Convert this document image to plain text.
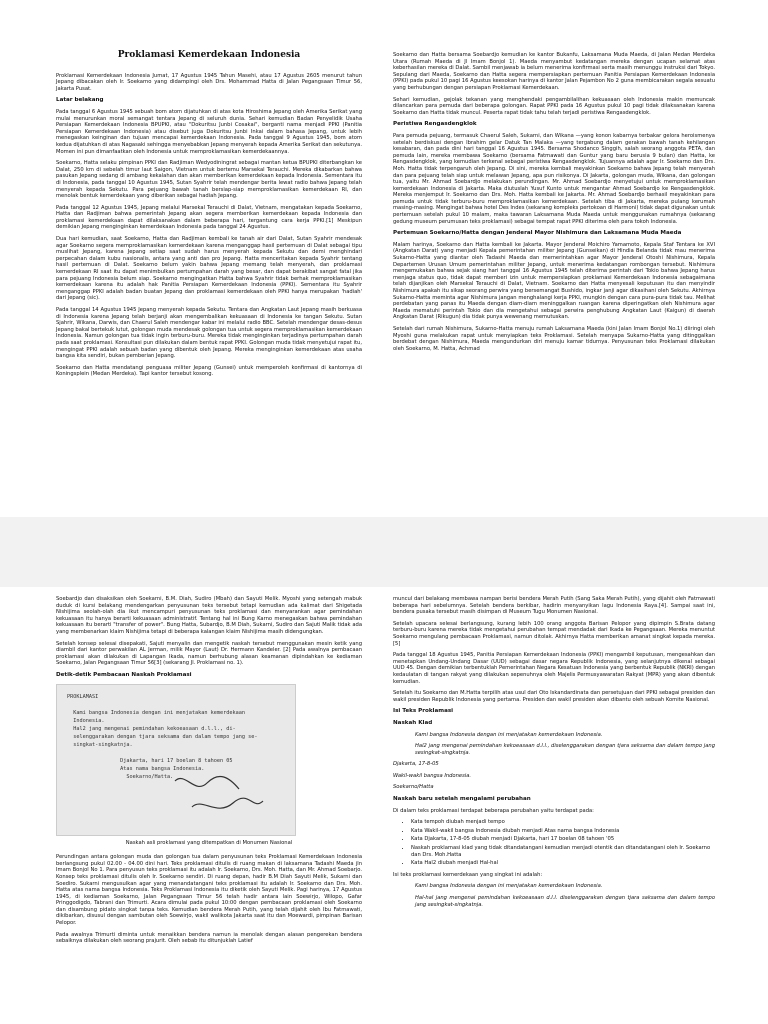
Proklamasi Kemerdekaan Indonesia

Proklamasi Kemerdekaan Indonesia Jumat, 17 Agustus 1945 Tahun Masehi, atau 17 Agustus 2605 menurut tahun Jepang dibacakan oleh Ir. Soekarno yang didampingi oleh Drs. Mohammad Hatta di Jalan Pegangsaan Timur 56, Jakarta Pusat.

Latar belakang

Pada tanggal 6 Agustus 1945 sebuah bom atom dijatuhkan di atas kota Hiroshima Jepang oleh Amerika Serikat yang mulai menurunkan moral semangat tentara Jepang di seluruh dunia. Sehari kemudian Badan Penyelidik Usaha Persiapan Kemerdekaan Indonesia BPUPKI, atau "Dokuritsu Junbi Cosakai", berganti nama menjadi PPKI (Panitia Persiapan Kemerdekaan Indonesia) atau disebut juga Dokuritsu Junbi Inkai dalam bahasa Jepang, untuk lebih menegaskan keinginan dan tujuan mencapai kemerdekaan Indonesia. Pada tanggal 9 Agustus 1945, bom atom kedua dijatuhkan di atas Nagasaki sehingga menyebabkan Jepang menyerah kepada Amerika Serikat dan sekutunya. Momen ini pun dimanfaatkan oleh Indonesia untuk memproklamasikan kemerdekaannya.

Soekarno, Hatta selaku pimpinan PPKI dan Radjiman Wedyodiningrat sebagai mantan ketua BPUPKI diterbangkan ke Dalat, 250 km di sebelah timur laut Saigon, Vietnam untuk bertemu Marsekal Terauchi. Mereka dikabarkan bahwa pasukan Jepang sedang di ambang kekalahan dan akan memberikan kemerdekaan kepada Indonesia. Sementara itu di Indonesia, pada tanggal 10 Agustus 1945, Sutan Syahrir telah mendengar berita lewat radio bahwa Jepang telah menyerah kepada Sekutu. Para pejuang bawah tanah bersiap-siap memproklamasikan kemerdekaan RI, dan menolak bentuk kemerdekaan yang diberikan sebagai hadiah Jepang.

Pada tanggal 12 Agustus 1945, Jepang melalui Marsekal Terauchi di Dalat, Vietnam, mengatakan kepada Soekarno, Hatta dan Radjiman bahwa pemerintah Jepang akan segera memberikan kemerdekaan kepada Indonesia dan proklamasi kemerdekaan dapat dilaksanakan dalam beberapa hari, tergantung cara kerja PPKI.[1] Meskipun demikian Jepang menginginkan kemerdekaan Indonesia pada tanggal 24 Agustus.

Dua hari kemudian, saat Soekarno, Hatta dan Radjiman kembali ke tanah air dari Dalat, Sutan Syahrir mendesak agar Soekarno segera memproklamasikan kemerdekaan karena menganggap hasil pertemuan di Dalat sebagai tipu muslihat Jepang, karena Jepang setiap saat sudah harus menyerah kepada Sekutu dan demi menghindari perpecahan dalam kubu nasionalis, antara yang anti dan pro Jepang. Hatta menceritakan kepada Syahrir tentang hasil pertemuan di Dalat. Soekarno belum yakin bahwa Jepang memang telah menyerah, dan proklamasi kemerdekaan RI saat itu dapat menimbulkan pertumpahan darah yang besar, dan dapat berakibat sangat fatal jika para pejuang Indonesia belum siap. Soekarno mengingatkan Hatta bahwa Syahrir tidak berhak memproklamasikan kemerdekaan karena itu adalah hak Panitia Persiapan Kemerdekaan Indonesia (PPKI). Sementara itu Syahrir menganggap PPKI adalah badan buatan Jepang dan proklamasi kemerdekaan oleh PPKI hanya merupakan 'hadiah' dari Jepang (sic).

Pada tanggal 14 Agustus 1945 Jepang menyerah kepada Sekutu. Tentara dan Angkatan Laut Jepang masih berkuasa di Indonesia karena Jepang telah berjanji akan mengembalikan kekuasaan di Indonesia ke tangan Sekutu. Sutan Sjahrir, Wikana, Darwis, dan Chaerul Saleh mendengar kabar ini melalui radio BBC. Setelah mendengar desas-desus Jepang bakal bertekuk lutut, golongan muda mendesak golongan tua untuk segera memproklamasikan kemerdekaan Indonesia. Namun golongan tua tidak ingin terburu-buru. Mereka tidak menginginkan terjadinya pertumpahan darah pada saat proklamasi. Konsultasi pun dilakukan dalam bentuk rapat PPKI. Golongan muda tidak menyetujui rapat itu, mengingat PPKI adalah sebuah badan yang dibentuk oleh Jepang. Mereka menginginkan kemerdekaan atas usaha bangsa kita sendiri, bukan pemberian Jepang.

Soekarno dan Hatta mendatangi penguasa militer Jepang (Gunsei) untuk memperoleh konfirmasi di kantornya di Koningsplein (Medan Merdeka). Tapi kantor tersebut kosong.

Soekarno dan Hatta bersama Soebardjo kemudian ke kantor Bukanfu, Laksamana Muda Maeda, di Jalan Medan Merdeka Utara (Rumah Maeda di Jl Imam Bonjol 1). Maeda menyambut kedatangan mereka dengan ucapan selamat atas keberhasilan mereka di Dalat. Sambil menjawab ia belum menerima konfirmasi serta masih menunggu instruksi dari Tokyo. Sepulang dari Maeda, Soekarno dan Hatta segera mempersiapkan pertemuan Panitia Persiapan Kemerdekaan Indonesia (PPKI) pada pukul 10 pagi 16 Agustus keesokan harinya di kantor Jalan Pejambon No 2 guna membicarakan segala sesuatu yang berhubungan dengan persiapan Proklamasi Kemerdekaan.

Sehari kemudian, gejolak tekanan yang menghendaki pengambilalihan kekuasaan oleh Indonesia makin memuncak dilancarkan para pemuda dari beberapa golongan. Rapat PPKI pada 16 Agustus pukul 10 pagi tidak dilaksanakan karena Soekarno dan Hatta tidak muncul. Peserta rapat tidak tahu telah terjadi peristiwa Rengasdengklok.

Peristiwa Rengasdengklok

Para pemuda pejuang, termasuk Chaerul Saleh, Sukarni, dan Wikana —yang konon kabarnya terbakar gelora heroismenya setelah berdiskusi dengan Ibrahim gelar Datuk Tan Malaka —yang tergabung dalam gerakan bawah tanah kehilangan kesabaran, dan pada dini hari tanggal 16 Agustus 1945. Bersama Shodanco Singgih, salah seorang anggota PETA, dan pemuda lain, mereka membawa Soekarno (bersama Fatmawati dan Guntur yang baru berusia 9 bulan) dan Hatta, ke Rengasdengklok, yang kemudian terkenal sebagai peristiwa Rengasdengklok. Tujuannya adalah agar Ir. Soekarno dan Drs. Moh. Hatta tidak terpengaruh oleh Jepang. Di sini, mereka kembali meyakinkan Soekarno bahwa Jepang telah menyerah dan para pejuang telah siap untuk melawan Jepang, apa pun risikonya. Di Jakarta, golongan muda, Wikana, dan golongan tua, yaitu Mr. Ahmad Soebardjo melakukan perundingan. Mr. Ahmad Soebardjo menyetujui untuk memproklamasikan kemerdekaan Indonesia di Jakarta. Maka diutuslah Yusuf Kunto untuk mengantar Ahmad Soebardjo ke Rengasdengklok. Mereka menjemput Ir. Soekarno dan Drs. Moh. Hatta kembali ke Jakarta. Mr. Ahmad Soebardjo berhasil meyakinkan para pemuda untuk tidak terburu-buru memproklamasikan kemerdekaan. Setelah tiba di Jakarta, mereka pulang kerumah masing-masing. Mengingat bahwa hotel Des Indes (sekarang kompleks pertokoan di Harmoni) tidak dapat digunakan untuk pertemuan setelah pukul 10 malam, maka tawaran Laksamana Muda Maeda untuk menggunakan rumahnya (sekarang gedung museum perumusan teks proklamasi) sebagai tempat rapat PPKI diterima oleh para tokoh Indonesia.

Pertemuan Soekarno/Hatta dengan Jenderal Mayor Nishimura dan Laksamana Muda Maeda

Malam harinya, Soekarno dan Hatta kembali ke Jakarta. Mayor Jenderal Moichiro Yamamoto, Kepala Staf Tentara ke XVI (Angkatan Darat) yang menjadi Kepala pemerintahan militer Jepang (Gunseikan) di Hindia Belanda tidak mau menerima Sukarno-Hatta yang diantar oleh Tadashi Maeda dan memerintahkan agar Mayor Jenderal Otoshi Nishimura, Kepala Departemen Urusan Umum pemerintahan militer Jepang, untuk menerima kedatangan rombongan tersebut. Nishimura mengemukakan bahwa sejak siang hari tanggal 16 Agustus 1945 telah diterima perintah dari Tokio bahwa Jepang harus menjaga status quo, tidak dapat memberi izin untuk mempersiapkan proklamasi Kemerdekaan Indonesia sebagaimana telah dijanjikan oleh Marsekal Terauchi di Dalat, Vietnam. Soekarno dan Hatta menyesali keputusan itu dan menyindir Nishimura apakah itu sikap seorang perwira yang bersemangat Bushido, ingkar janji agar dikasihani oleh Sekutu. Akhirnya Sukarno-Hatta meminta agar Nishimura jangan menghalangi kerja PPKI, mungkin dengan cara pura-pura tidak tau. Melihat perdebatan yang panas itu Maeda dengan diam-diam meninggalkan ruangan karena diperingatkan oleh Nishimura agar Maeda mematuhi perintah Tokio dan dia mengetahui sebagai perwira penghubung Angkatan Laut (Kaigun) di daerah Angkatan Darat (Rikugun) dia tidak punya wewenang memutuskan.

Setelah dari rumah Nishimura, Sukarno-Hatta menuju rumah Laksamana Maeda (kini Jalan Imam Bonjol No.1) diiringi oleh Myoshi guna melakukan rapat untuk menyiapkan teks Proklamasi. Setelah menyapa Sukarno-Hatta yang ditinggalkan berdebat dengan Nishimura, Maeda mengundurkan diri menuju kamar tidurnya. Penyusunan teks Proklamasi dilakukan oleh Soekarno, M. Hatta, Achmad

Soebardjo dan disaksikan oleh Soekarni, B.M. Diah, Sudiro (Mbah) dan Sayuti Melik. Myoshi yang setengah mabuk duduk di kursi belakang mendengarkan penyusunan teks tersebut tetapi kemudian ada kalimat dari Shigetada Nishijima seolah-olah dia ikut mencampuri penyusunan teks proklamasi dan menyarankan agar pemindahan kekuasaan itu hanya berarti kekuasaan administratif. Tentang hal ini Bung Karno menegaskan bahwa pemindahan kekuasaan itu berarti "transfer of power". Bung Hatta, Subardjo, B.M Diah, Sukarni, Sudiro dan Sajuti Malik tidak ada yang membenarkan klaim Nishijima tetapi di beberapa kalangan klaim Nishijima masih didengungkan.

Setelah konsep selesai disepakati, Sajuti menyalin dan mengetik naskah tersebut menggunakan mesin ketik yang diambil dari kantor perwakilan AL Jerman, milik Mayor (Laut) Dr. Hermann Kandeler. [2] Pada awalnya pembacaan proklamasi akan dilakukan di Lapangan Ikada, namun berhubung alasan keamanan dipindahkan ke kediaman Soekarno, Jalan Pegangsaan Timur 56[3] (sekarang Jl. Proklamasi no. 1).

Detik-detik Pembacaan Naskah Proklamasi
PROKLAMASI

Kami bangsa Indonesia dengan ini menjatakan kemerdekaan
Indonesia.
Hal2 jang mengenai pemindahan kekoeasaan d.l.l., di-
selenggarakan dengan tjara seksama dan dalam tempo jang se-
singkat-singkatnja.

Djakarta, hari 17 boelan 8 tahoen 05
Atas nama bangsa Indonesia.
Soekarno/Hatta.
Naskah asli proklamasi yang ditempatkan di Monumen Nasional

Perundingan antara golongan muda dan golongan tua dalam penyusunan teks Proklamasi Kemerdekaan Indonesia berlangsung pukul 02.00 - 04.00 dini hari. Teks proklamasi ditulis di ruang makan di laksamana Tadashi Maeda jln Imam Bonjol No 1. Para penyusun teks proklamasi itu adalah Ir. Soekarno, Drs. Moh. Hatta, dan Mr. Ahmad Soebarjo. Konsep teks proklamasi ditulis oleh Ir. Soekarno sendiri. Di ruang depan, hadir B.M Diah Sayuti Melik, Sukarni dan Soediro. Sukarni mengusulkan agar yang menandatangani teks proklamasi itu adalah Ir. Soekarno dan Drs. Moh. Hatta atas nama bangsa Indonesia. Teks Proklamasi Indonesia itu diketik oleh Sayuti Melik. Pagi harinya, 17 Agustus 1945, di kediaman Soekarno, Jalan Pegangsaan Timur 56 telah hadir antara lain Soewirjo, Wilopo, Gafar Pringgodigdo, Tabrani dan Trimurti. Acara dimulai pada pukul 10:00 dengan pembacaan proklamasi oleh Soekarno dan disambung pidato singkat tanpa teks. Kemudian bendera Merah Putih, yang telah dijahit oleh Ibu Fatmawati, dikibarkan, disusul dengan sambutan oleh Soewirjo, wakil walikota Jakarta saat itu dan Moewardi, pimpinan Barisan Pelopor.

Pada awalnya Trimurti diminta untuk menaikkan bendera namun ia menolak dengan alasan pengerekan bendera sebaiknya dilakukan oleh seorang prajurit. Oleh sebab itu ditunjuklah Latief

muncul dari belakang membawa nampan berisi bendera Merah Putih (Sang Saka Merah Putih), yang dijahit oleh Fatmawati beberapa hari sebelumnya. Setelah bendera berkibar, hadirin menyanyikan lagu Indonesia Raya.[4]. Sampai saat ini, bendera pusaka tersebut masih disimpan di Museum Tugu Monumen Nasional.

Setelah upacara selesai berlangsung, kurang lebih 100 orang anggota Barisan Pelopor yang dipimpin S.Brata datang terburu-buru karena mereka tidak mengetahui perubahan tempat mendadak dari Ikada ke Pegangsaan. Mereka menuntut Soekarno mengulang pembacaan Proklamasi, namun ditolak. Akhirnya Hatta memberikan amanat singkat kepada mereka.[5]

Pada tanggal 18 Agustus 1945, Panitia Persiapan Kemerdekaan Indonesia (PPKI) mengambil keputusan, mengesahkan dan menetapkan Undang-Undang Dasar (UUD) sebagai dasar negara Republik Indonesia, yang selanjutnya dikenal sebagai UUD 45. Dengan demikian terbentuklah Pemerintahan Negara Kesatuan Indonesia yang berbentuk Republik (NKRI) dengan kedaulatan di tangan rakyat yang dilakukan sepenuhnya oleh Majelis Permusyawaratan Rakyat (MPR) yang akan dibentuk kemudian.

Setelah itu Soekarno dan M.Hatta terpilih atas usul dari Oto Iskandardinata dan persetujuan dari PPKI sebagai presiden dan wakil presiden Republik Indonesia yang pertama. Presiden dan wakil presiden akan dibantu oleh sebuah Komite Nasional.

Isi Teks Proklamasi
Naskah Klad

Kami bangsa Indonesia dengan ini menjatakan kemerdekaan Indonesia.

Hal2 jang mengenai pemindahan kekoeasaan d.l.l., diselenggarakan dengan tjara seksama dan dalam tempo jang sesingkat-singkatnja.

Djakarta, 17-8-05

Wakil-wakil bangsa Indonesia.

Soekarno/Hatta

Naskah baru setelah mengalami perubahan

Di dalam teks proklamasi terdapat beberapa perubahan yaitu terdapat pada:

• Kata tempoh diubah menjadi tempo
• Kata Wakil-wakil bangsa Indonesia diubah menjadi Atas nama bangsa Indonesia
• Kata Djakarta, 17-8-05 diubah menjadi Djakarta, hari 17 boelan 08 tahoen '05
• Naskah proklamasi klad yang tidak ditandatangani kemudian menjadi otentik dan ditandatangani oleh Ir. Soekarno dan Drs. Moh.Hatta
• Kata Hal2 diubah menjadi Hal-hal

Isi teks proklamasi kemerdekaan yang singkat ini adalah:

Kami bangsa Indonesia dengan ini menjatakan kemerdekaan Indonesia.

Hal-hal jang mengenai pemindahan kekoeasaan d.l.l. diselenggarakan dengan tjara saksama dan dalam tempo jang sesingkat-singkatnja.
